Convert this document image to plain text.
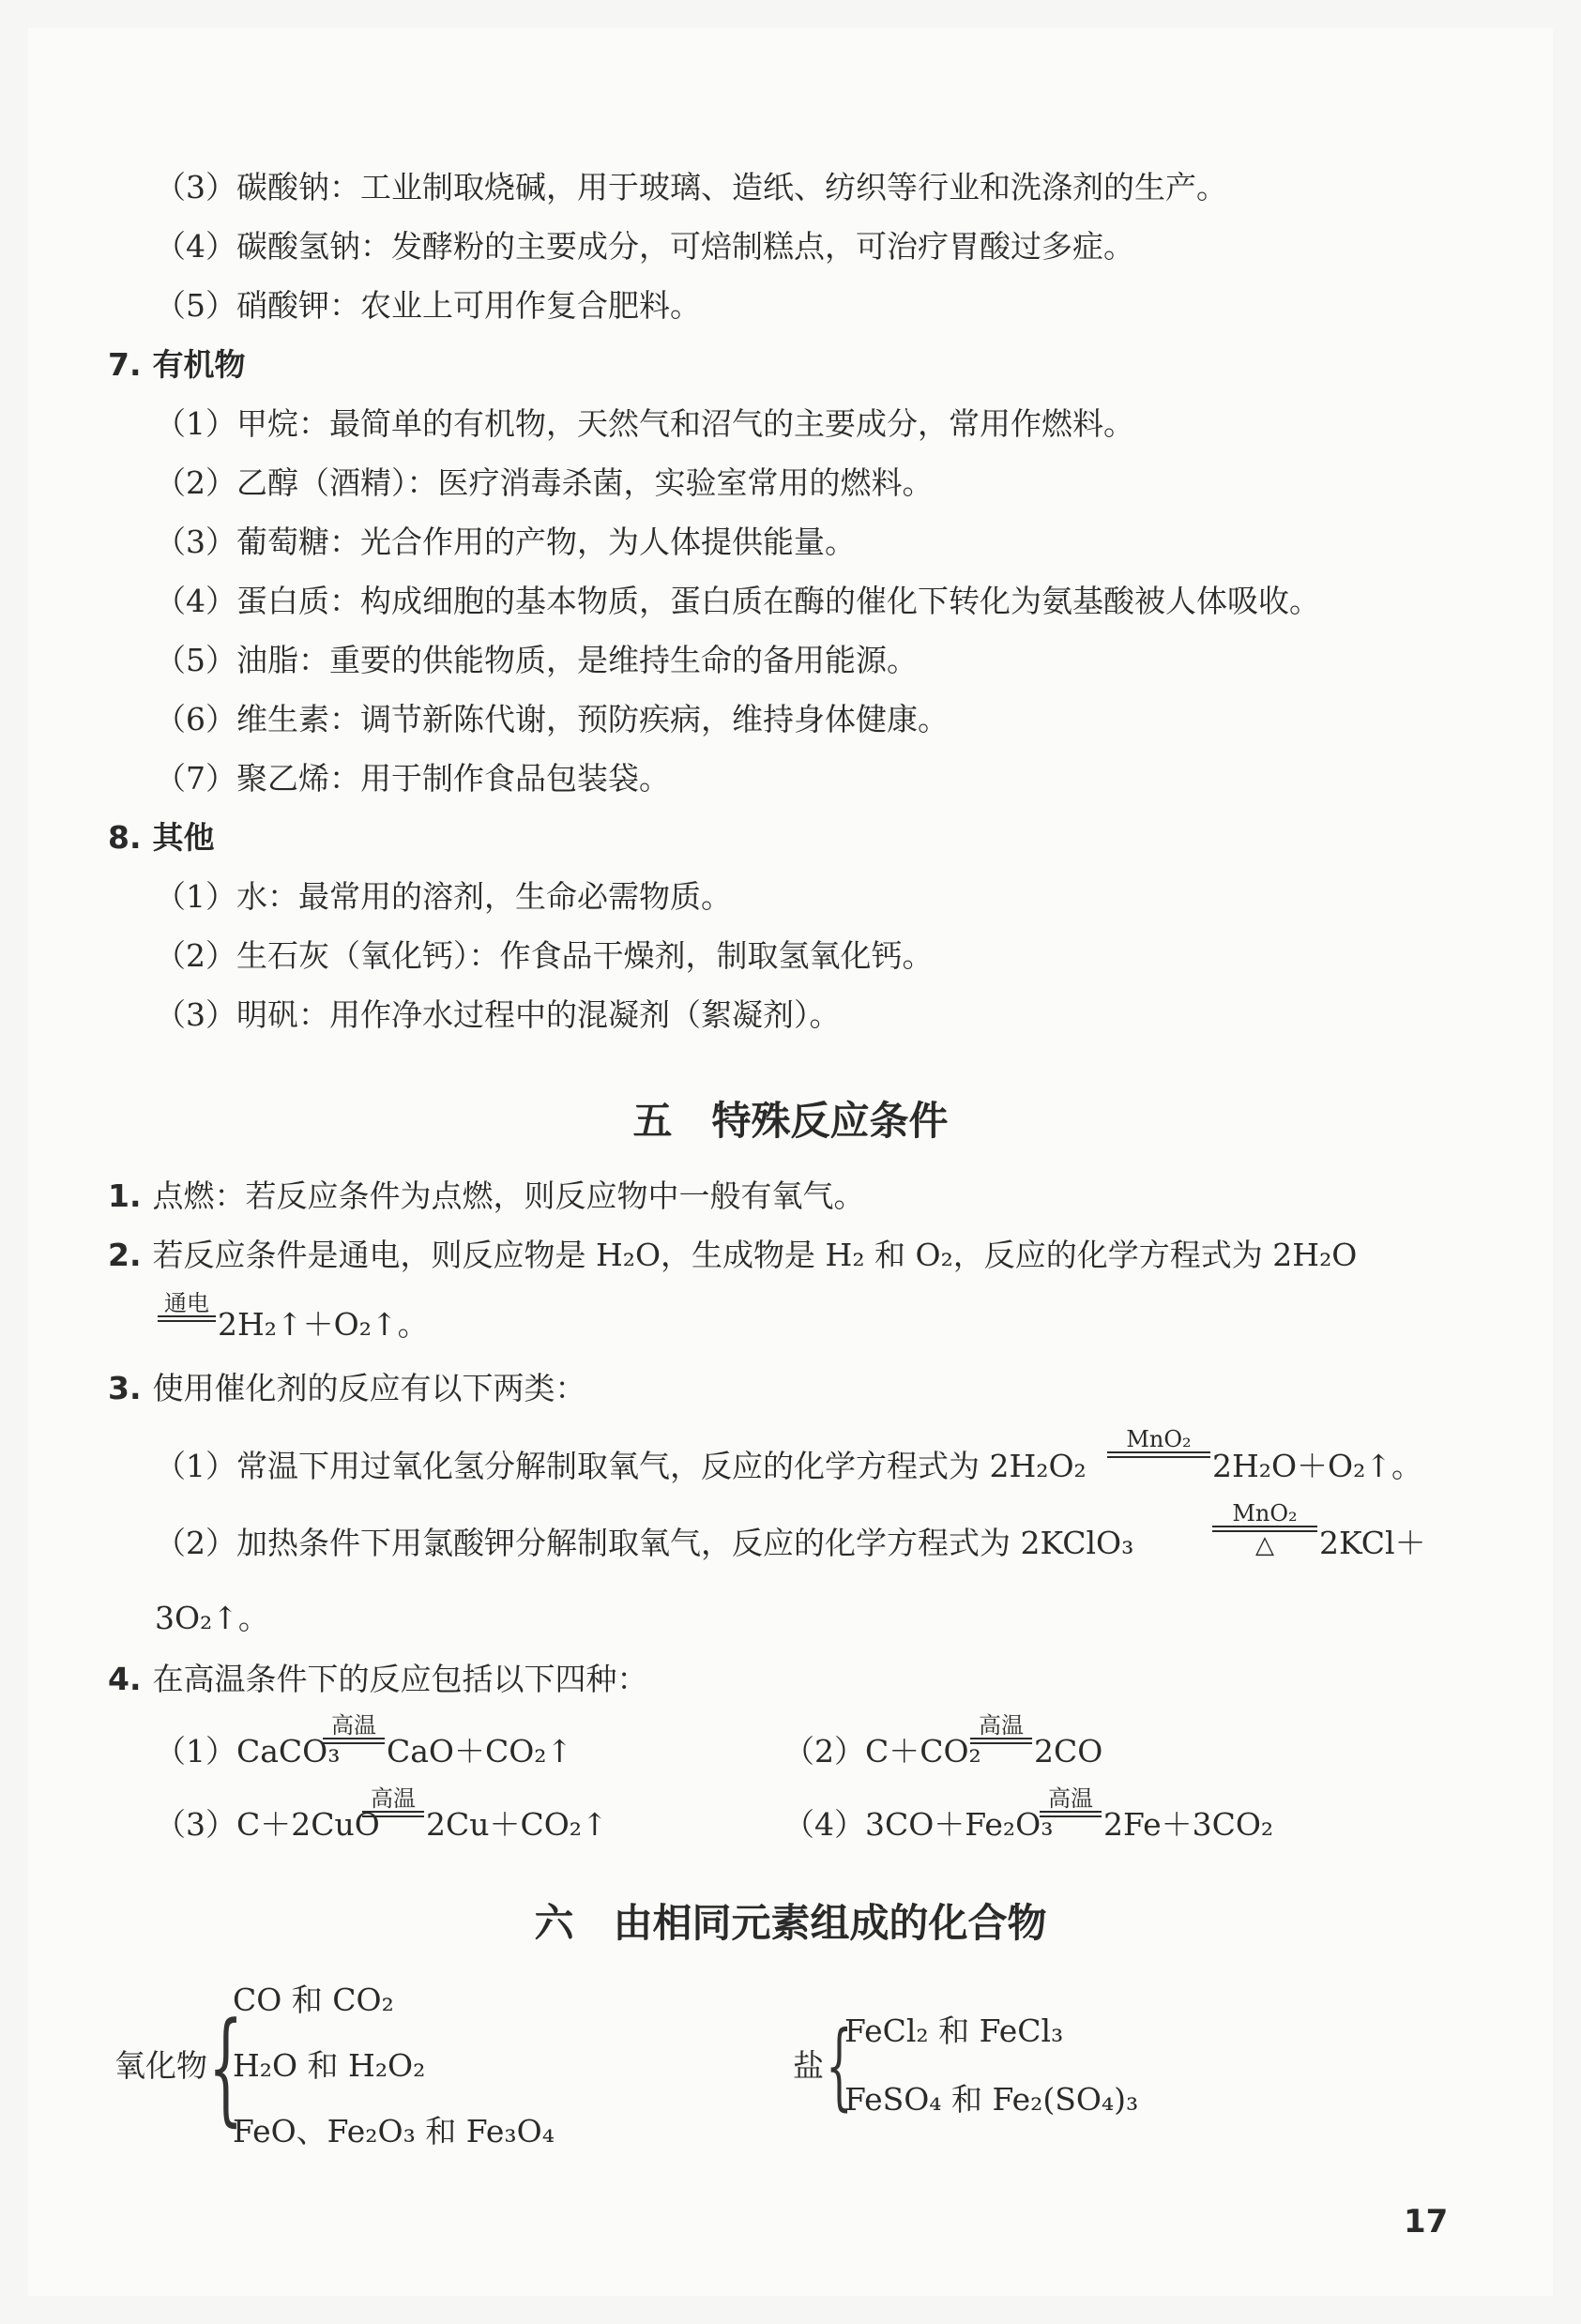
（3）碳酸钠：工业制取烧碱，用于玻璃、造纸、纺织等行业和洗涤剂的生产。
（4）碳酸氢钠：发酵粉的主要成分，可焙制糕点，可治疗胃酸过多症。
（5）硝酸钾：农业上可用作复合肥料。
7. 有机物
（1）甲烷：最简单的有机物，天然气和沼气的主要成分，常用作燃料。
（2）乙醇（酒精）：医疗消毒杀菌，实验室常用的燃料。
（3）葡萄糖：光合作用的产物，为人体提供能量。
（4）蛋白质：构成细胞的基本物质，蛋白质在酶的催化下转化为氨基酸被人体吸收。
（5）油脂：重要的供能物质，是维持生命的备用能源。
（6）维生素：调节新陈代谢，预防疾病，维持身体健康。
（7）聚乙烯：用于制作食品包装袋。
8. 其他
（1）水：最常用的溶剂，生命必需物质。
（2）生石灰（氧化钙）：作食品干燥剂，制取氢氧化钙。
（3）明矾：用作净水过程中的混凝剂（絮凝剂）。
五　特殊反应条件
1. 点燃：若反应条件为点燃，则反应物中一般有氧气。
2. 若反应条件是通电，则反应物是 H₂O，生成物是 H₂ 和 O₂，反应的化学方程式为 2H₂O
通电
2H₂↑＋O₂↑。
3. 使用催化剂的反应有以下两类：
（1）常温下用过氧化氢分解制取氧气，反应的化学方程式为 2H₂O₂
MnO₂
2H₂O＋O₂↑。
（2）加热条件下用氯酸钾分解制取氧气，反应的化学方程式为 2KClO₃
MnO₂
△	2KCl＋
3O₂↑。
4. 在高温条件下的反应包括以下四种：
（1）CaCO₃
高温
CaO＋CO₂↑	（2）C＋CO₂
高温
2CO
（3）C＋2CuO
高温
2Cu＋CO₂↑	（4）3CO＋Fe₂O₃
高温
2Fe＋3CO₂
六　由相同元素组成的化合物
氧化物 {
CO 和 CO₂
H₂O 和 H₂O₂
FeO、Fe₂O₃ 和 Fe₃O₄
盐 {
FeCl₂ 和 FeCl₃
FeSO₄ 和 Fe₂(SO₄)₃
17
